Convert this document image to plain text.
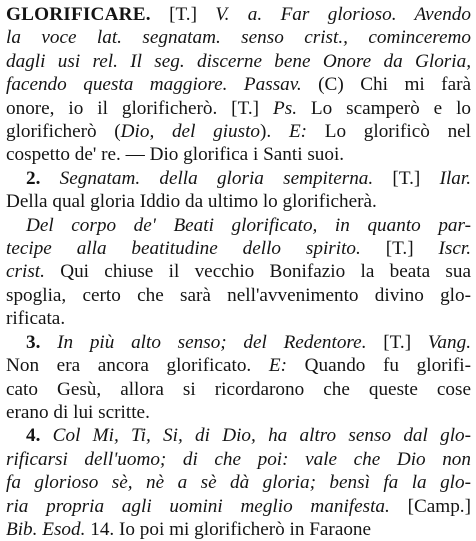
GLORIFICARE. [T.] V. a. Far glorioso. Avendo
la voce lat. segnatam. senso crist., cominceremo
dagli usi rel. Il seg. discerne bene Onore da Gloria,
facendo questa maggiore. Passav. (C) Chi mi farà
onore, io il glorificherò. [T.] Ps. Lo scamperò e lo
glorificherò (Dio, del giusto). E: Lo glorificò nel
cospetto de' re. — Dio glorifica i Santi suoi.
2. Segnatam. della gloria sempiterna. [T.] Ilar.
Della qual gloria Iddio da ultimo lo glorificherà.
Del corpo de' Beati glorificato, in quanto par-
tecipe alla beatitudine dello spirito. [T.] Iscr.
crist. Qui chiuse il vecchio Bonifazio la beata sua
spoglia, certo che sarà nell'avvenimento divino glo-
rificata.
3. In più alto senso; del Redentore. [T.] Vang.
Non era ancora glorificato. E: Quando fu glorifi-
cato Gesù, allora si ricordarono che queste cose
erano di lui scritte.
4. Col Mi, Ti, Si, di Dio, ha altro senso dal glo-
rificarsi dell'uomo; di che poi: vale che Dio non
fa glorioso sè, nè a sè dà gloria; bensì fa la glo-
ria propria agli uomini meglio manifesta. [Camp.]
Bib. Esod. 14. Io poi mi glorificherò in Faraone
